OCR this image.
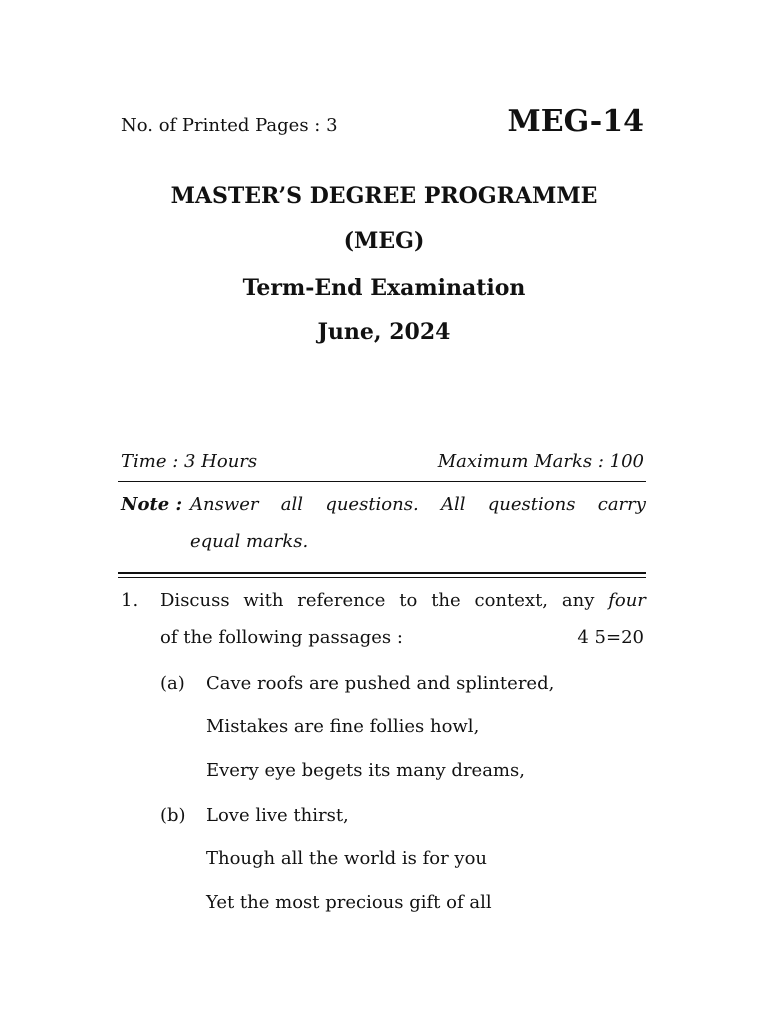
No. of Printed Pages : 3	MEG-14
MASTER’S DEGREE PROGRAMME
(MEG)
Term-End Examination
June, 2024
Time : 3 Hours	Maximum Marks : 100
Note : Answer all questions. All questions carry
equal marks.
1. Discuss with reference to the context, any four
of the following passages :	4 5=20
(a) Cave roofs are pushed and splintered,
Mistakes are fine follies howl,
Every eye begets its many dreams,
(b) Love live thirst,
Though all the world is for you
Yet the most precious gift of all
